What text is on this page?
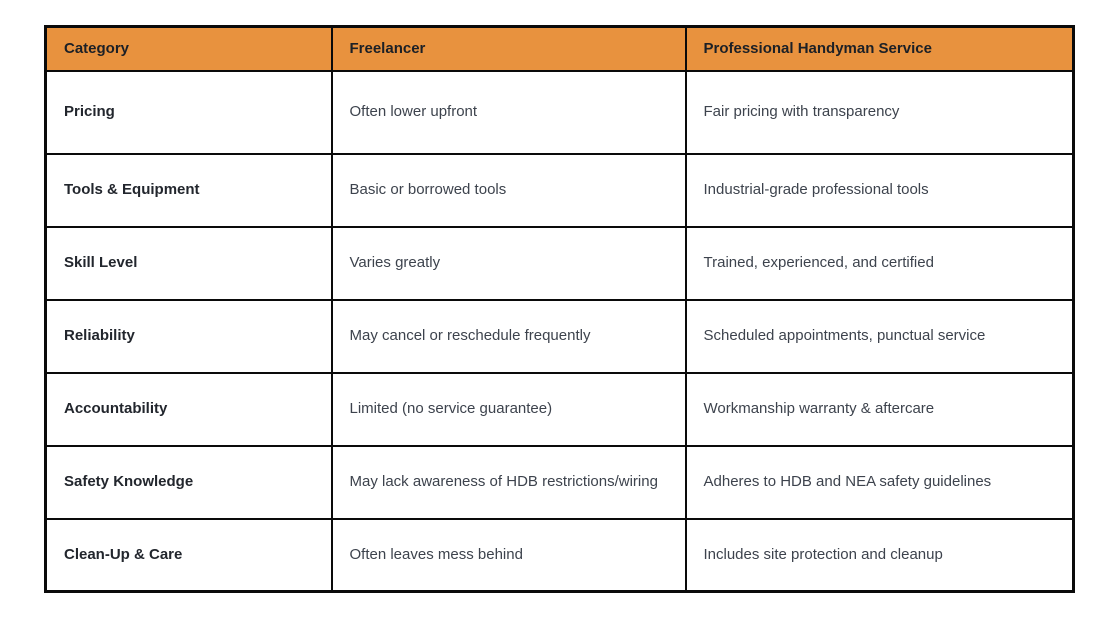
Category	Freelancer	Professional Handyman Service
Pricing	Often lower upfront	Fair pricing with transparency
Tools & Equipment	Basic or borrowed tools	Industrial-grade professional tools
Skill Level	Varies greatly	Trained, experienced, and certified
Reliability	May cancel or reschedule frequently	Scheduled appointments, punctual service
Accountability	Limited (no service guarantee)	Workmanship warranty & aftercare
Safety Knowledge	May lack awareness of HDB restrictions/wiring	Adheres to HDB and NEA safety guidelines
Clean-Up & Care	Often leaves mess behind	Includes site protection and cleanup
